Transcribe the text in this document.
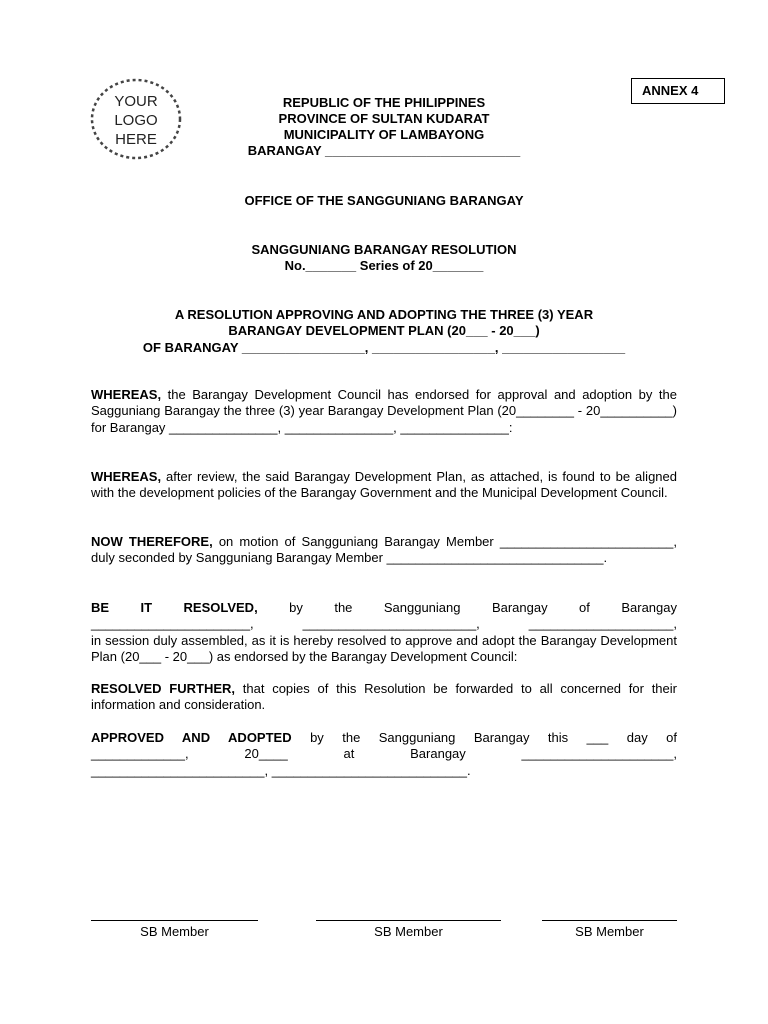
ANNEX 4
YOUR
LOGO
HERE
REPUBLIC OF THE PHILIPPINES
PROVINCE OF SULTAN KUDARAT
MUNICIPALITY OF LAMBAYONG
BARANGAY ___________________________
OFFICE OF THE SANGGUNIANG BARANGAY
SANGGUNIANG BARANGAY RESOLUTION
No._______ Series of 20_______
A RESOLUTION APPROVING AND ADOPTING THE THREE (3) YEAR
BARANGAY DEVELOPMENT PLAN (20___ - 20___)
OF BARANGAY _________________, _________________, _________________
WHEREAS, the Barangay Development Council has endorsed for approval and adoption by the Sagguniang Barangay the three (3) year Barangay Development Plan (20________ - 20__________) for Barangay _______________, _______________, _______________:
WHEREAS, after review, the said Barangay Development Plan, as attached, is found to be aligned with the development policies of the Barangay Government and the Municipal Development Council.
NOW THEREFORE, on motion of Sangguniang Barangay Member ________________________, duly seconded by Sangguniang Barangay Member ______________________________.
BE IT RESOLVED, by the Sangguniang Barangay of Barangay
______________________, ________________________, ____________________,
in session duly assembled, as it is hereby resolved to approve and adopt the Barangay Development Plan (20___ - 20___) as endorsed by the Barangay Development Council:
RESOLVED FURTHER, that copies of this Resolution be forwarded to all concerned for their information and consideration.
APPROVED AND ADOPTED by the Sangguniang Barangay this ___ day of
_____________, 20____ at Barangay _____________________,
________________________, ___________________________.
SB Member	SB Member	SB Member
